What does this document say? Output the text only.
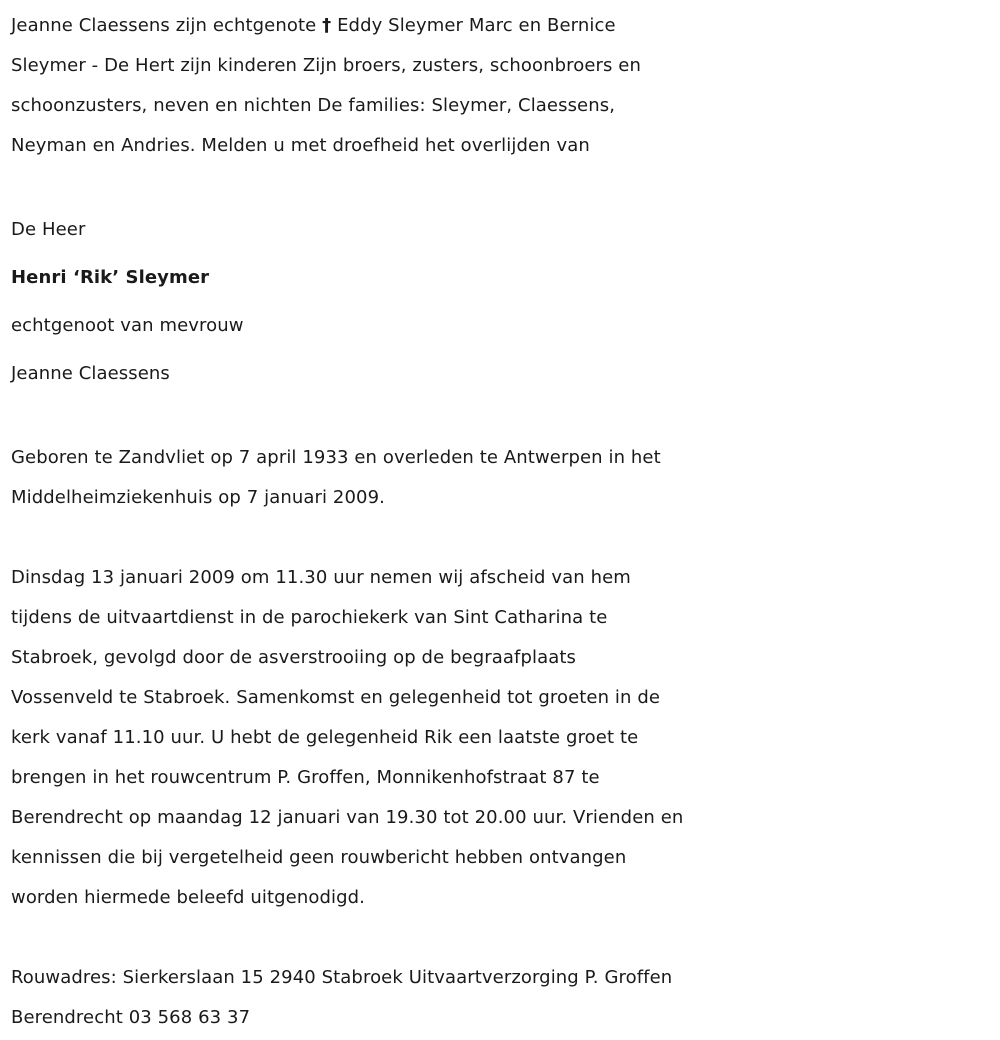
Jeanne Claessens zijn echtgenote † Eddy Sleymer Marc en Bernice
Sleymer - De Hert zijn kinderen Zijn broers, zusters, schoonbroers en
schoonzusters, neven en nichten De families: Sleymer, Claessens,
Neyman en Andries. Melden u met droefheid het overlijden van
De Heer
Henri ‘Rik’ Sleymer
echtgenoot van mevrouw
Jeanne Claessens
Geboren te Zandvliet op 7 april 1933 en overleden te Antwerpen in het
Middelheimziekenhuis op 7 januari 2009.
Dinsdag 13 januari 2009 om 11.30 uur nemen wij afscheid van hem
tijdens de uitvaartdienst in de parochiekerk van Sint Catharina te
Stabroek, gevolgd door de asverstrooiing op de begraafplaats
Vossenveld te Stabroek. Samenkomst en gelegenheid tot groeten in de
kerk vanaf 11.10 uur. U hebt de gelegenheid Rik een laatste groet te
brengen in het rouwcentrum P. Groffen, Monnikenhofstraat 87 te
Berendrecht op maandag 12 januari van 19.30 tot 20.00 uur. Vrienden en
kennissen die bij vergetelheid geen rouwbericht hebben ontvangen
worden hiermede beleefd uitgenodigd.
Rouwadres: Sierkerslaan 15 2940 Stabroek Uitvaartverzorging P. Groffen
Berendrecht 03 568 63 37
